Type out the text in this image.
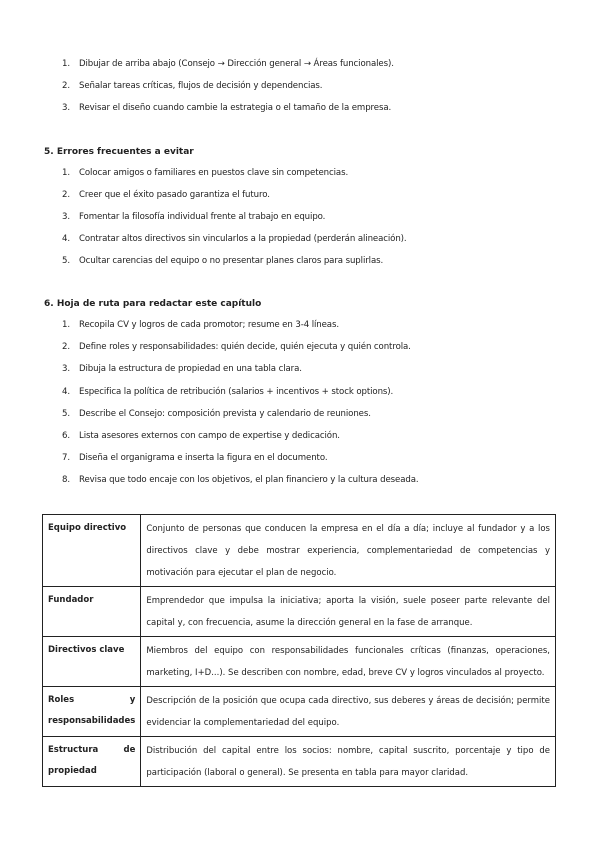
1.	Dibujar de arriba abajo (Consejo → Dirección general → Áreas funcionales).
2.	Señalar tareas críticas, flujos de decisión y dependencias.
3.	Revisar el diseño cuando cambie la estrategia o el tamaño de la empresa.
5. Errores frecuentes a evitar
1.	Colocar amigos o familiares en puestos clave sin competencias.
2.	Creer que el éxito pasado garantiza el futuro.
3.	Fomentar la filosofía individual frente al trabajo en equipo.
4.	Contratar altos directivos sin vincularlos a la propiedad (perderán alineación).
5.	Ocultar carencias del equipo o no presentar planes claros para suplirlas.
6. Hoja de ruta para redactar este capítulo
1.	Recopila CV y logros de cada promotor; resume en 3-4 líneas.
2.	Define roles y responsabilidades: quién decide, quién ejecuta y quién controla.
3.	Dibuja la estructura de propiedad en una tabla clara.
4.	Especifica la política de retribución (salarios + incentivos + stock options).
5.	Describe el Consejo: composición prevista y calendario de reuniones.
6.	Lista asesores externos con campo de expertise y dedicación.
7.	Diseña el organigrama e inserta la figura en el documento.
8.	Revisa que todo encaje con los objetivos, el plan financiero y la cultura deseada.
Equipo directivo	Conjunto de personas que conducen la empresa en el día a día; incluye al fundador y a los directivos clave y debe mostrar experiencia, complementariedad de competencias y motivación para ejecutar el plan de negocio.
Fundador	Emprendedor que impulsa la iniciativa; aporta la visión, suele poseer parte relevante del capital y, con frecuencia, asume la dirección general en la fase de arranque.
Directivos clave	Miembros del equipo con responsabilidades funcionales críticas (finanzas, operaciones, marketing, I+D...). Se describen con nombre, edad, breve CV y logros vinculados al proyecto.

Roles y
responsabilidades	Descripción de la posición que ocupa cada directivo, sus deberes y áreas de decisión; permite evidenciar la complementariedad del equipo.

Estructura de
propiedad	Distribución del capital entre los socios: nombre, capital suscrito, porcentaje y tipo de participación (laboral o general). Se presenta en tabla para mayor claridad.
